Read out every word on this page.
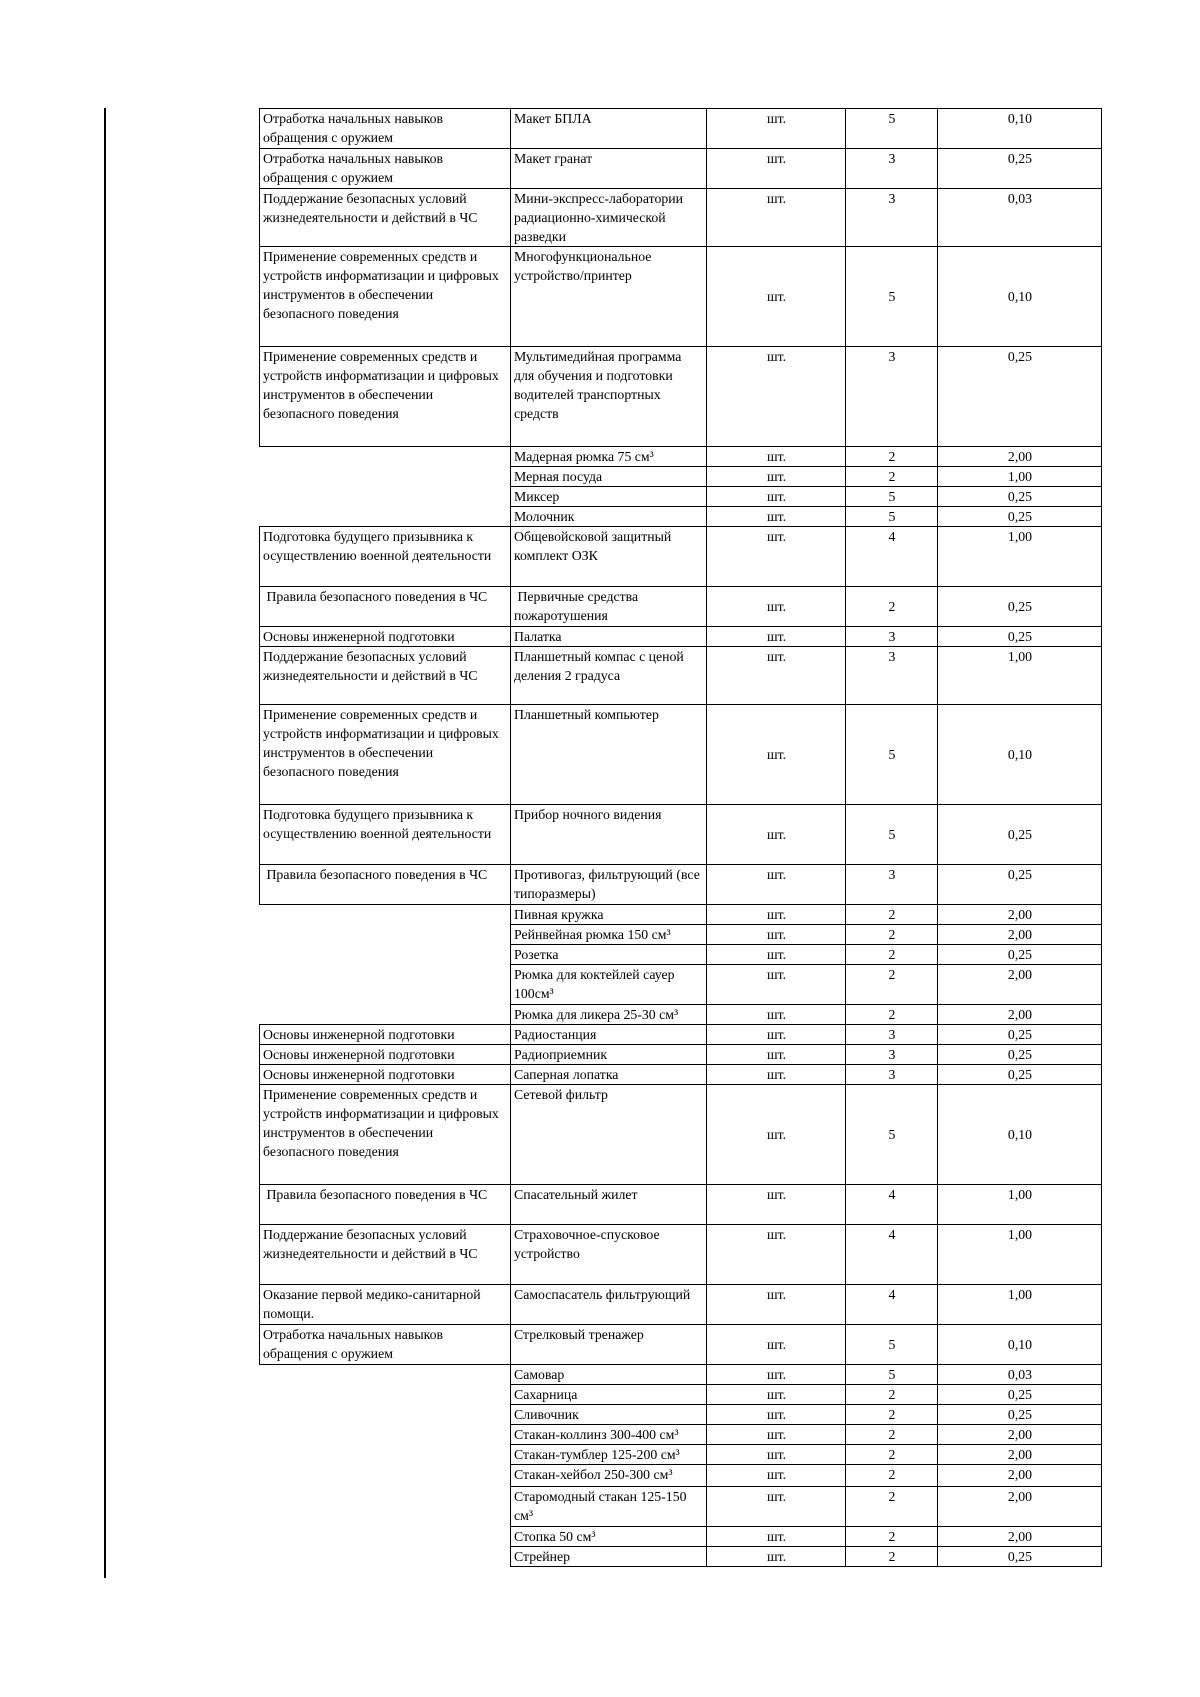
Отработка начальных навыков обращения с оружием	Макет БПЛА	шт.	5	0,10
Отработка начальных навыков обращения с оружием	Макет гранат	шт.	3	0,25
Поддержание безопасных условий жизнедеятельности и действий в ЧС	Мини-экспресс-лаборатории радиационно-химической разведки	шт.	3	0,03
Применение современных средств и устройств информатизации и цифровых инструментов в обеспечении безопасного поведения	Многофункциональное устройство/принтер	шт.	5	0,10
Применение современных средств и устройств информатизации и цифровых инструментов в обеспечении безопасного поведения	Мультимедийная программа для обучения и подготовки водителей транспортных средств	шт.	3	0,25
	Мадерная рюмка 75 см³	шт.	2	2,00
	Мерная посуда	шт.	2	1,00
	Миксер	шт.	5	0,25
	Молочник	шт.	5	0,25
Подготовка будущего призывника к осуществлению военной деятельности	Общевойсковой защитный комплект ОЗК	шт.	4	1,00
Правила безопасного поведения в ЧС	Первичные средства пожаротушения	шт.	2	0,25
Основы инженерной подготовки	Палатка	шт.	3	0,25
Поддержание безопасных условий жизнедеятельности и действий в ЧС	Планшетный компас с ценой деления 2 градуса	шт.	3	1,00
Применение современных средств и устройств информатизации и цифровых инструментов в обеспечении безопасного поведения	Планшетный компьютер	шт.	5	0,10
Подготовка будущего призывника к осуществлению военной деятельности	Прибор ночного видения	шт.	5	0,25
Правила безопасного поведения в ЧС	Противогаз, фильтрующий (все типоразмеры)	шт.	3	0,25
	Пивная кружка	шт.	2	2,00
	Рейнвейная рюмка 150 см³	шт.	2	2,00
	Розетка	шт.	2	0,25
	Рюмка для коктейлей сауер 100см³	шт.	2	2,00
	Рюмка для ликера 25-30 см³	шт.	2	2,00
Основы инженерной подготовки	Радиостанция	шт.	3	0,25
Основы инженерной подготовки	Радиоприемник	шт.	3	0,25
Основы инженерной подготовки	Саперная лопатка	шт.	3	0,25
Применение современных средств и устройств информатизации и цифровых инструментов в обеспечении безопасного поведения	Сетевой фильтр	шт.	5	0,10
Правила безопасного поведения в ЧС	Спасательный жилет	шт.	4	1,00
Поддержание безопасных условий жизнедеятельности и действий в ЧС	Страховочное-спусковое устройство	шт.	4	1,00
Оказание первой медико-санитарной помощи.	Самоспасатель фильтрующий	шт.	4	1,00
Отработка начальных навыков обращения с оружием	Стрелковый тренажер	шт.	5	0,10
	Самовар	шт.	5	0,03
	Сахарница	шт.	2	0,25
	Сливочник	шт.	2	0,25
	Стакан-коллинз 300-400 см³	шт.	2	2,00
	Стакан-тумблер 125-200 см³	шт.	2	2,00
	Стакан-хейбол 250-300 см³	шт.	2	2,00
	Старомодный стакан 125-150 см³	шт.	2	2,00
	Стопка 50 см³	шт.	2	2,00
	Стрейнер	шт.	2	0,25
